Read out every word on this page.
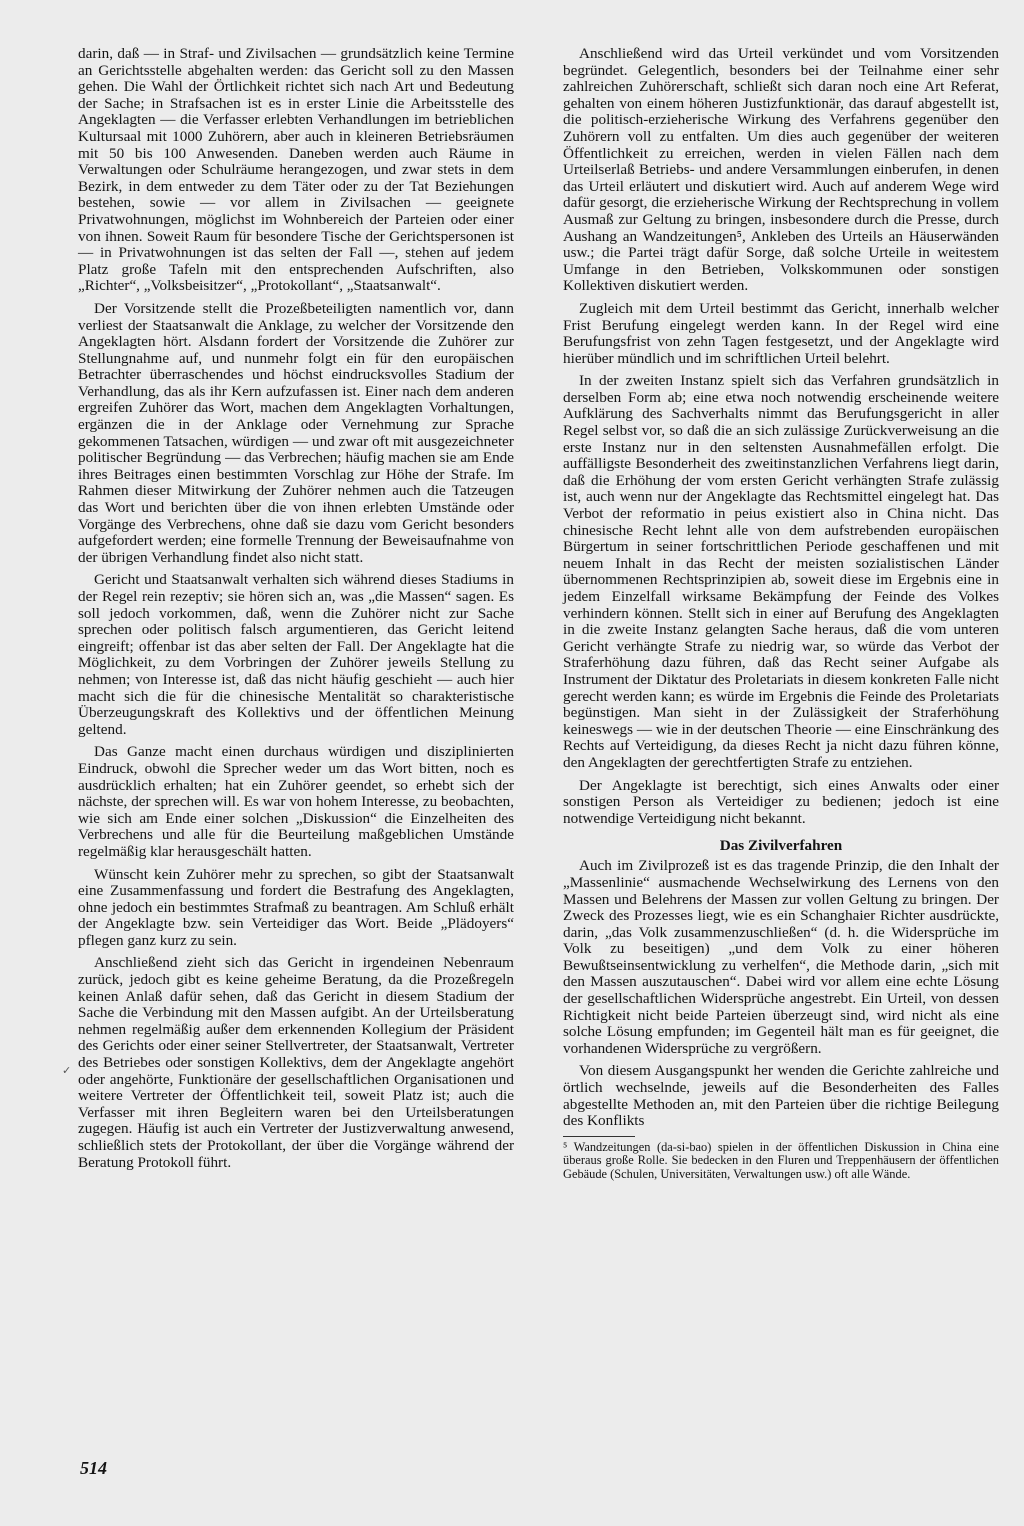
darin, daß — in Straf- und Zivilsachen — grundsätzlich keine Termine an Gerichtsstelle abgehalten werden: das Gericht soll zu den Massen gehen. Die Wahl der Örtlichkeit richtet sich nach Art und Bedeutung der Sache; in Strafsachen ist es in erster Linie die Arbeitsstelle des Angeklagten — die Verfasser erlebten Verhandlungen im betrieblichen Kultursaal mit 1000 Zuhörern, aber auch in kleineren Betriebsräumen mit 50 bis 100 Anwesenden. Daneben werden auch Räume in Verwaltungen oder Schulräume herangezogen, und zwar stets in dem Bezirk, in dem entweder zu dem Täter oder zu der Tat Beziehungen bestehen, sowie — vor allem in Zivilsachen — geeignete Privatwohnungen, möglichst im Wohnbereich der Parteien oder einer von ihnen. Soweit Raum für besondere Tische der Gerichtspersonen ist — in Privatwohnungen ist das selten der Fall —, stehen auf jedem Platz große Tafeln mit den entsprechenden Aufschriften, also „Richter“, „Volksbeisitzer“, „Protokollant“, „Staatsanwalt“.

Der Vorsitzende stellt die Prozeßbeteiligten namentlich vor, dann verliest der Staatsanwalt die Anklage, zu welcher der Vorsitzende den Angeklagten hört. Alsdann fordert der Vorsitzende die Zuhörer zur Stellungnahme auf, und nunmehr folgt ein für den europäischen Betrachter überraschendes und höchst eindrucksvolles Stadium der Verhandlung, das als ihr Kern aufzufassen ist. Einer nach dem anderen ergreifen Zuhörer das Wort, machen dem Angeklagten Vorhaltungen, ergänzen die in der Anklage oder Vernehmung zur Sprache gekommenen Tatsachen, würdigen — und zwar oft mit ausgezeichneter politischer Begründung — das Verbrechen; häufig machen sie am Ende ihres Beitrages einen bestimmten Vorschlag zur Höhe der Strafe. Im Rahmen dieser Mitwirkung der Zuhörer nehmen auch die Tatzeugen das Wort und berichten über die von ihnen erlebten Umstände oder Vorgänge des Verbrechens, ohne daß sie dazu vom Gericht besonders aufgefordert werden; eine formelle Trennung der Beweisaufnahme von der übrigen Verhandlung findet also nicht statt.

Gericht und Staatsanwalt verhalten sich während dieses Stadiums in der Regel rein rezeptiv; sie hören sich an, was „die Massen“ sagen. Es soll jedoch vorkommen, daß, wenn die Zuhörer nicht zur Sache sprechen oder politisch falsch argumentieren, das Gericht leitend eingreift; offenbar ist das aber selten der Fall. Der Angeklagte hat die Möglichkeit, zu dem Vorbringen der Zuhörer jeweils Stellung zu nehmen; von Interesse ist, daß das nicht häufig geschieht — auch hier macht sich die für die chinesische Mentalität so charakteristische Überzeugungskraft des Kollektivs und der öffentlichen Meinung geltend.

Das Ganze macht einen durchaus würdigen und disziplinierten Eindruck, obwohl die Sprecher weder um das Wort bitten, noch es ausdrücklich erhalten; hat ein Zuhörer geendet, so erhebt sich der nächste, der sprechen will. Es war von hohem Interesse, zu beobachten, wie sich am Ende einer solchen „Diskussion“ die Einzelheiten des Verbrechens und alle für die Beurteilung maßgeblichen Umstände regelmäßig klar herausgeschält hatten.

Wünscht kein Zuhörer mehr zu sprechen, so gibt der Staatsanwalt eine Zusammenfassung und fordert die Bestrafung des Angeklagten, ohne jedoch ein bestimmtes Strafmaß zu beantragen. Am Schluß erhält der Angeklagte bzw. sein Verteidiger das Wort. Beide „Plädoyers“ pflegen ganz kurz zu sein.

Anschließend zieht sich das Gericht in irgendeinen Nebenraum zurück, jedoch gibt es keine geheime Beratung, da die Prozeßregeln keinen Anlaß dafür sehen, daß das Gericht in diesem Stadium der Sache die Verbindung mit den Massen aufgibt. An der Urteilsberatung nehmen regelmäßig außer dem erkennenden Kollegium der Präsident des Gerichts oder einer seiner Stellvertreter, der Staatsanwalt, Vertreter des Betriebes oder sonstigen Kollektivs, dem der Angeklagte angehört oder angehörte, Funktionäre der gesellschaftlichen Organisationen und weitere Vertreter der Öffentlichkeit teil, soweit Platz ist; auch die Verfasser mit ihren Begleitern waren bei den Urteilsberatungen zugegen. Häufig ist auch ein Vertreter der Justizverwaltung anwesend, schließlich stets der Protokollant, der über die Vorgänge während der Beratung Protokoll führt.

Anschließend wird das Urteil verkündet und vom Vorsitzenden begründet. Gelegentlich, besonders bei der Teilnahme einer sehr zahlreichen Zuhörerschaft, schließt sich daran noch eine Art Referat, gehalten von einem höheren Justizfunktionär, das darauf abgestellt ist, die politisch-erzieherische Wirkung des Verfahrens gegenüber den Zuhörern voll zu entfalten. Um dies auch gegenüber der weiteren Öffentlichkeit zu erreichen, werden in vielen Fällen nach dem Urteilserlaß Betriebs- und andere Versammlungen einberufen, in denen das Urteil erläutert und diskutiert wird. Auch auf anderem Wege wird dafür gesorgt, die erzieherische Wirkung der Rechtsprechung in vollem Ausmaß zur Geltung zu bringen, insbesondere durch die Presse, durch Aushang an Wandzeitungen⁵, Ankleben des Urteils an Häuserwänden usw.; die Partei trägt dafür Sorge, daß solche Urteile in weitestem Umfange in den Betrieben, Volkskommunen oder sonstigen Kollektiven diskutiert werden.

Zugleich mit dem Urteil bestimmt das Gericht, innerhalb welcher Frist Berufung eingelegt werden kann. In der Regel wird eine Berufungsfrist von zehn Tagen festgesetzt, und der Angeklagte wird hierüber mündlich und im schriftlichen Urteil belehrt.

In der zweiten Instanz spielt sich das Verfahren grundsätzlich in derselben Form ab; eine etwa noch notwendig erscheinende weitere Aufklärung des Sachverhalts nimmt das Berufungsgericht in aller Regel selbst vor, so daß die an sich zulässige Zurückverweisung an die erste Instanz nur in den seltensten Ausnahmefällen erfolgt. Die auffälligste Besonderheit des zweitinstanzlichen Verfahrens liegt darin, daß die Erhöhung der vom ersten Gericht verhängten Strafe zulässig ist, auch wenn nur der Angeklagte das Rechtsmittel eingelegt hat. Das Verbot der reformatio in peius existiert also in China nicht. Das chinesische Recht lehnt alle von dem aufstrebenden europäischen Bürgertum in seiner fortschrittlichen Periode geschaffenen und mit neuem Inhalt in das Recht der meisten sozialistischen Länder übernommenen Rechtsprinzipien ab, soweit diese im Ergebnis eine in jedem Einzelfall wirksame Bekämpfung der Feinde des Volkes verhindern können. Stellt sich in einer auf Berufung des Angeklagten in die zweite Instanz gelangten Sache heraus, daß die vom unteren Gericht verhängte Strafe zu niedrig war, so würde das Verbot der Straferhöhung dazu führen, daß das Recht seiner Aufgabe als Instrument der Diktatur des Proletariats in diesem konkreten Falle nicht gerecht werden kann; es würde im Ergebnis die Feinde des Proletariats begünstigen. Man sieht in der Zulässigkeit der Straferhöhung keineswegs — wie in der deutschen Theorie — eine Einschränkung des Rechts auf Verteidigung, da dieses Recht ja nicht dazu führen könne, den Angeklagten der gerechtfertigten Strafe zu entziehen.

Der Angeklagte ist berechtigt, sich eines Anwalts oder einer sonstigen Person als Verteidiger zu bedienen; jedoch ist eine notwendige Verteidigung nicht bekannt.

Das Zivilverfahren

Auch im Zivilprozeß ist es das tragende Prinzip, die den Inhalt der „Massenlinie“ ausmachende Wechselwirkung des Lernens von den Massen und Belehrens der Massen zur vollen Geltung zu bringen. Der Zweck des Prozesses liegt, wie es ein Schanghaier Richter ausdrückte, darin, „das Volk zusammenzuschließen“ (d. h. die Widersprüche im Volk zu beseitigen) „und dem Volk zu einer höheren Bewußtseinsentwicklung zu verhelfen“, die Methode darin, „sich mit den Massen auszutauschen“. Dabei wird vor allem eine echte Lösung der gesellschaftlichen Widersprüche angestrebt. Ein Urteil, von dessen Richtigkeit nicht beide Parteien überzeugt sind, wird nicht als eine solche Lösung empfunden; im Gegenteil hält man es für geeignet, die vorhandenen Widersprüche zu vergrößern.

Von diesem Ausgangspunkt her wenden die Gerichte zahlreiche und örtlich wechselnde, jeweils auf die Besonderheiten des Falles abgestellte Methoden an, mit den Parteien über die richtige Beilegung des Konflikts

⁵ Wandzeitungen (da-si-bao) spielen in der öffentlichen Diskussion in China eine überaus große Rolle. Sie bedecken in den Fluren und Treppenhäusern der öffentlichen Gebäude (Schulen, Universitäten, Verwaltungen usw.) oft alle Wände.
514
✓
